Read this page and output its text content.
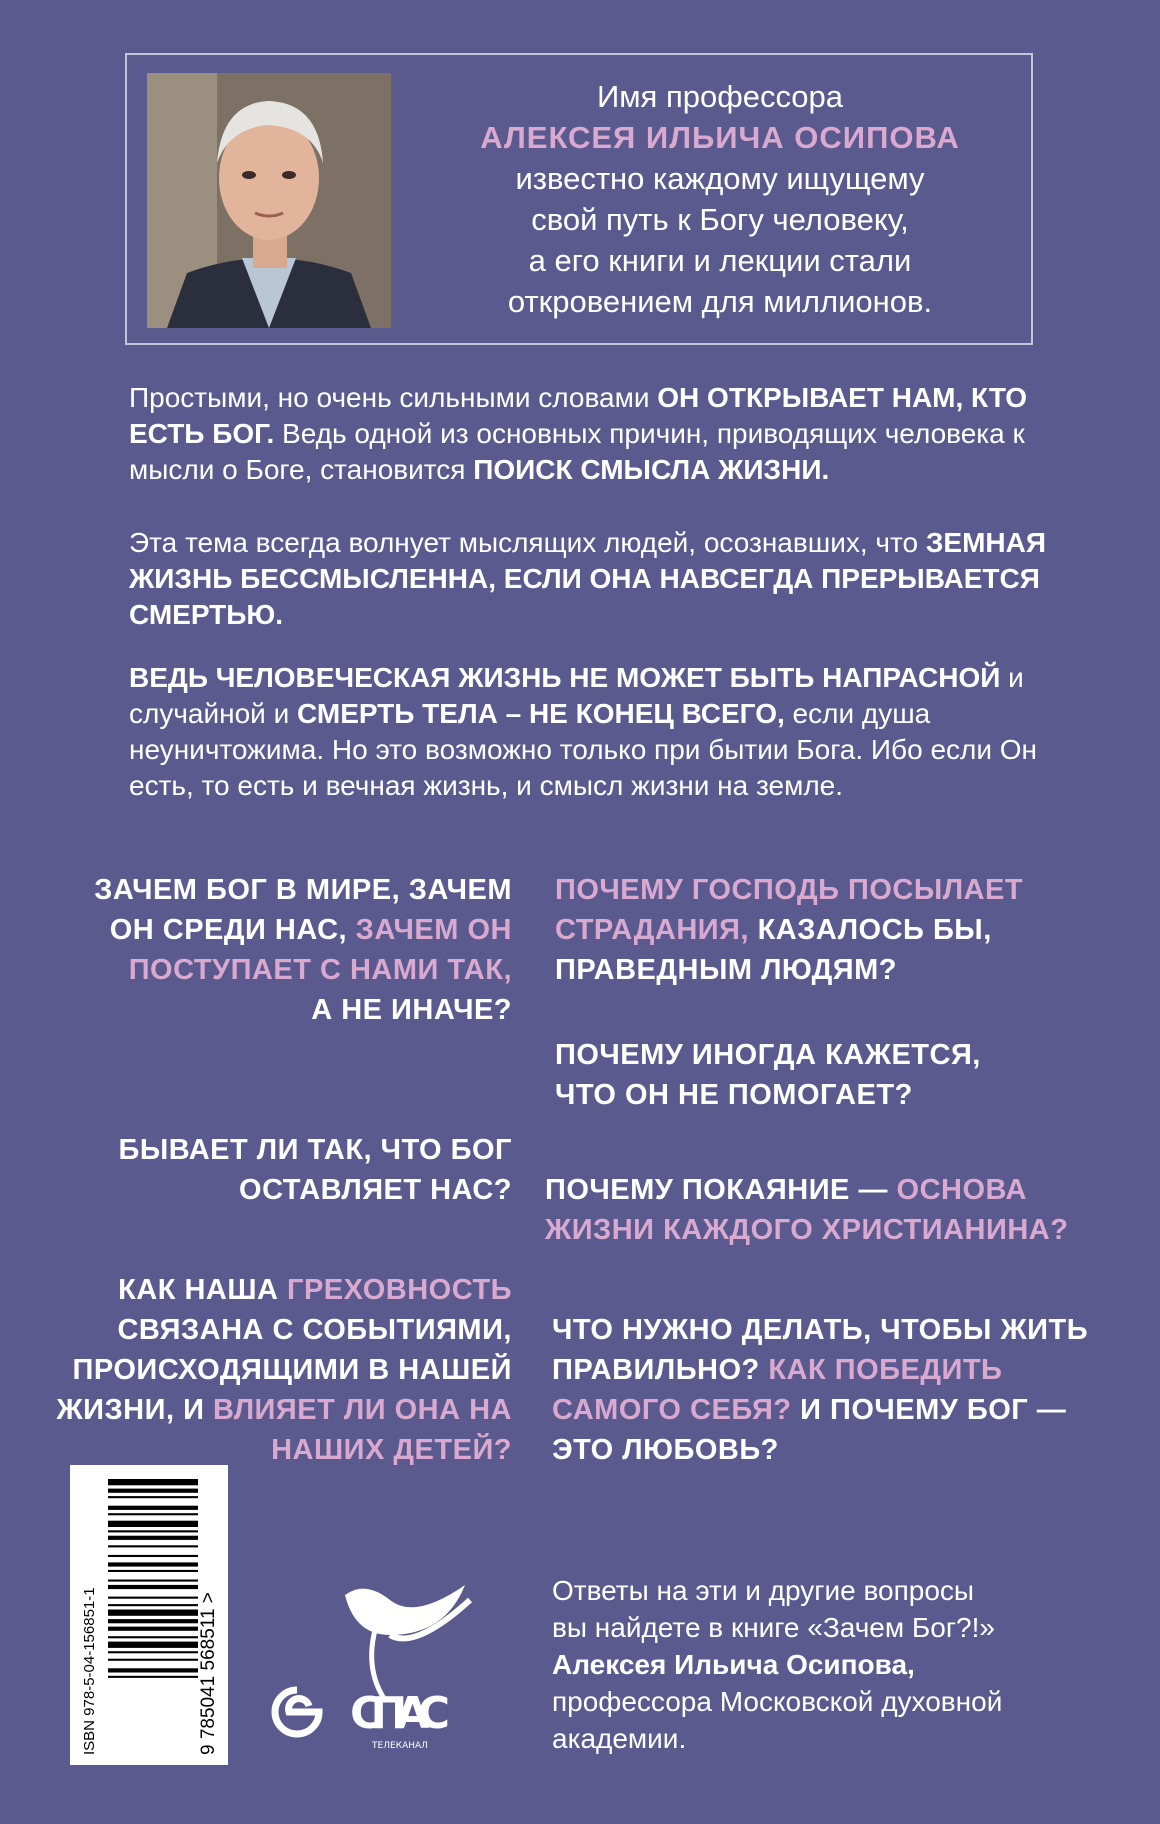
Имя профессора
АЛЕКСЕЯ ИЛЬИЧА ОСИПОВА
известно каждому ищущему
свой путь к Богу человеку,
а его книги и лекции стали
откровением для миллионов.

Простыми, но очень сильными словами ОН ОТКРЫВАЕТ НАМ, КТО ЕСТЬ БОГ. Ведь одной из основных причин, приводящих человека к мысли о Боге, становится ПОИСК СМЫСЛА ЖИЗНИ.

Эта тема всегда волнует мыслящих людей, осознавших, что ЗЕМНАЯ ЖИЗНЬ БЕССМЫСЛЕННА, ЕСЛИ ОНА НАВСЕГДА ПРЕРЫВАЕТСЯ СМЕРТЬЮ.

ВЕДЬ ЧЕЛОВЕЧЕСКАЯ ЖИЗНЬ НЕ МОЖЕТ БЫТЬ НАПРАСНОЙ и случайной и СМЕРТЬ ТЕЛА – НЕ КОНЕЦ ВСЕГО, если душа неуничтожима. Но это возможно только при бытии Бога. Ибо если Он есть, то есть и вечная жизнь, и смысл жизни на земле.

ЗАЧЕМ БОГ В МИРЕ, ЗАЧЕМ
ОН СРЕДИ НАС, ЗАЧЕМ ОН
ПОСТУПАЕТ С НАМИ ТАК,
А НЕ ИНАЧЕ?
БЫВАЕТ ЛИ ТАК, ЧТО БОГ
ОСТАВЛЯЕТ НАС?
КАК НАША ГРЕХОВНОСТЬ
СВЯЗАНА С СОБЫТИЯМИ,
ПРОИСХОДЯЩИМИ В НАШЕЙ
ЖИЗНИ, И ВЛИЯЕТ ЛИ ОНА НА
НАШИХ ДЕТЕЙ?
ПОЧЕМУ ГОСПОДЬ ПОСЫЛАЕТ
СТРАДАНИЯ, КАЗАЛОСЬ БЫ,
ПРАВЕДНЫМ ЛЮДЯМ?
ПОЧЕМУ ИНОГДА КАЖЕТСЯ,
ЧТО ОН НЕ ПОМОГАЕТ?
ПОЧЕМУ ПОКАЯНИЕ — ОСНОВА
ЖИЗНИ КАЖДОГО ХРИСТИАНИНА?
ЧТО НУЖНО ДЕЛАТЬ, ЧТОБЫ ЖИТЬ
ПРАВИЛЬНО? КАК ПОБЕДИТЬ
САМОГО СЕБЯ? И ПОЧЕМУ БОГ —
ЭТО ЛЮБОВЬ?
ISBN 978-5-04-156851-1	9 785041 568511 >	СПАС
ТЕЛЕКАНАЛ
Ответы на эти и другие вопросы
вы найдете в книге «Зачем Бог?!»
Алексея Ильича Осипова,
профессора Московской духовной
академии.
